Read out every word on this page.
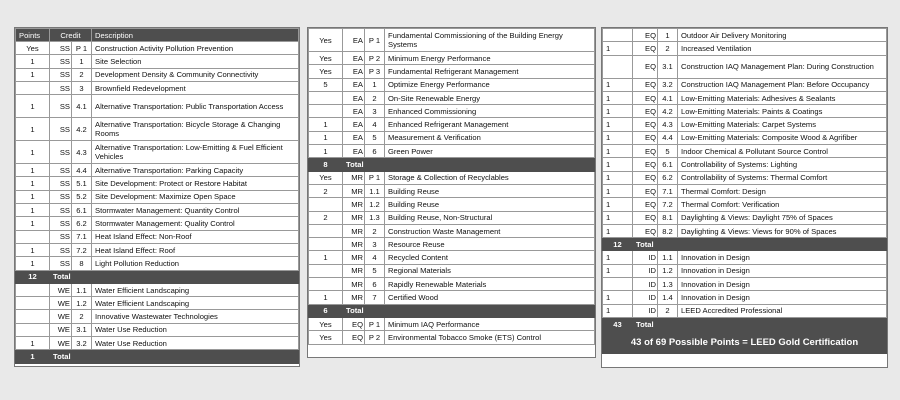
Points	Credit		Description
Yes	SS	P 1	Construction Activity Pollution Prevention
1	SS	1	Site Selection
1	SS	2	Development Density & Community Connectivity
	SS	3	Brownfield Redevelopment
1	SS	4.1	Alternative Transportation: Public Transportation Access
1	SS	4.2	Alternative Transportation: Bicycle Storage & Changing Rooms
1	SS	4.3	Alternative Transportation: Low-Emitting & Fuel Efficient Vehicles
1	SS	4.4	Alternative Transportation: Parking Capacity
1	SS	5.1	Site Development: Protect or Restore Habitat
1	SS	5.2	Site Development: Maximize Open Space
1	SS	6.1	Stormwater Management: Quantity Control
1	SS	6.2	Stormwater Management: Quality Control
	SS	7.1	Heat Island Effect: Non-Roof
1	SS	7.2	Heat Island Effect: Roof
1	SS	8	Light Pollution Reduction
12	Total		
	WE	1.1	Water Efficient Landscaping
	WE	1.2	Water Efficient Landscaping
	WE	2	Innovative Wastewater Technologies
	WE	3.1	Water Use Reduction
1	WE	3.2	Water Use Reduction
1	Total		
Yes	EA	P 1	Fundamental Commissioning of the Building Energy Systems
Yes	EA	P 2	Minimum Energy Performance
Yes	EA	P 3	Fundamental Refrigerant Management
5	EA	1	Optimize Energy Performance
	EA	2	On-Site Renewable Energy
	EA	3	Enhanced Commissioning
1	EA	4	Enhanced Refrigerant Management
1	EA	5	Measurement & Verification
1	EA	6	Green Power
8	Total		
Yes	MR	P 1	Storage & Collection of Recyclables
2	MR	1.1	Building Reuse
	MR	1.2	Building Reuse
2	MR	1.3	Building Reuse, Non-Structural
	MR	2	Construction Waste Management
	MR	3	Resource Reuse
1	MR	4	Recycled Content
	MR	5	Regional Materials
	MR	6	Rapidly Renewable Materials
1	MR	7	Certified Wood
6	Total		
Yes	EQ	P 1	Minimum IAQ Performance
Yes	EQ	P 2	Environmental Tobacco Smoke (ETS) Control
	EQ	1	Outdoor Air Delivery Monitoring
1	EQ	2	Increased Ventilation
	EQ	3.1	Construction IAQ Management Plan: During Construction
1	EQ	3.2	Construction IAQ Management Plan: Before Occupancy
1	EQ	4.1	Low-Emitting Materials: Adhesives & Sealants
1	EQ	4.2	Low-Emitting Materials: Paints & Coatings
1	EQ	4.3	Low-Emitting Materials: Carpet Systems
1	EQ	4.4	Low-Emitting Materials: Composite Wood & Agrifiber
1	EQ	5	Indoor Chemical & Pollutant Source Control
1	EQ	6.1	Controllability of Systems: Lighting
1	EQ	6.2	Controllability of Systems: Thermal Comfort
1	EQ	7.1	Thermal Comfort: Design
1	EQ	7.2	Thermal Comfort: Verification
1	EQ	8.1	Daylighting & Views: Daylight 75% of Spaces
1	EQ	8.2	Daylighting & Views: Views for 90% of Spaces
12	Total		
1	ID	1.1	Innovation in Design
1	ID	1.2	Innovation in Design
	ID	1.3	Innovation in Design
1	ID	1.4	Innovation in Design
1	ID	2	LEED Accredited Professional
43	Total		
43 of 69 Possible Points = LEED Gold Certification
